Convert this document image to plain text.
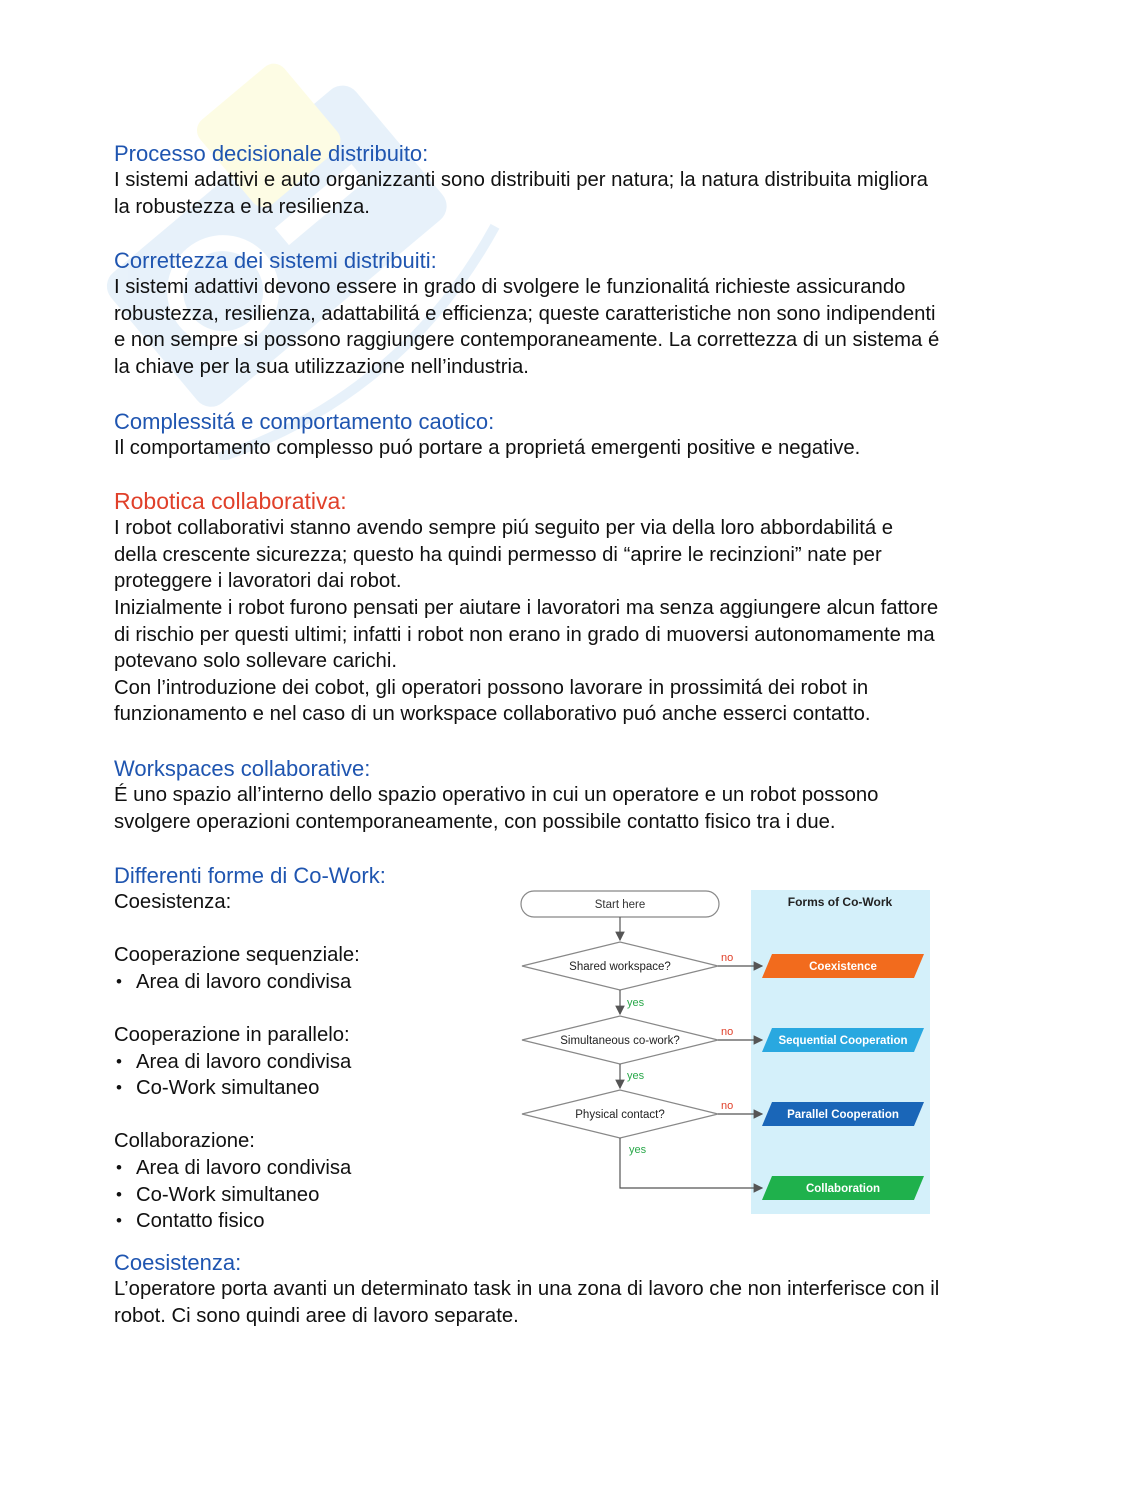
Processo decisionale distribuito:

I sistemi adattivi e auto organizzanti sono distribuiti per natura; la natura distribuita migliora

la robustezza e la resilienza.

Correttezza dei sistemi distribuiti:

I sistemi adattivi devono essere in grado di svolgere le funzionalitá richieste assicurando

robustezza, resilienza, adattabilitá e efficienza; queste caratteristiche non sono indipendenti

e non sempre si possono raggiungere contemporaneamente. La correttezza di un sistema é

la chiave per la sua utilizzazione nell’industria.

Complessitá e comportamento caotico:

Il comportamento complesso puó portare a proprietá emergenti positive e negative.

Robotica collaborativa:

I robot collaborativi stanno avendo sempre piú seguito per via della loro abbordabilitá e

della crescente sicurezza; questo ha quindi permesso di “aprire le recinzioni” nate per

proteggere i lavoratori dai robot.

Inizialmente i robot furono pensati per aiutare i lavoratori ma senza aggiungere alcun fattore

di rischio per questi ultimi; infatti i robot non erano in grado di muoversi autonomamente ma

potevano solo sollevare carichi.

Con l’introduzione dei cobot, gli operatori possono lavorare in prossimitá dei robot in

funzionamento e nel caso di un workspace collaborativo puó anche esserci contatto.

Workspaces collaborative:

É uno spazio all’interno dello spazio operativo in cui un operatore e un robot possono

svolgere operazioni contemporaneamente, con possibile contatto fisico tra i due.

Differenti forme di Co-Work:

Coesistenza:

Cooperazione sequenziale:

• Area di lavoro condivisa

Cooperazione in parallelo:

• Area di lavoro condivisa
• Co-Work simultaneo

Collaborazione:

• Area di lavoro condivisa
• Co-Work simultaneo
• Contatto fisico
Forms of Co-Work
Start here
Shared workspace?
no
yes
Simultaneous co-work?
no
yes
Physical contact?
no
yes
Coexistence
Sequential Cooperation
Parallel Cooperation
Collaboration

Coesistenza:

L’operatore porta avanti un determinato task in una zona di lavoro che non interferisce con il

robot. Ci sono quindi aree di lavoro separate.
